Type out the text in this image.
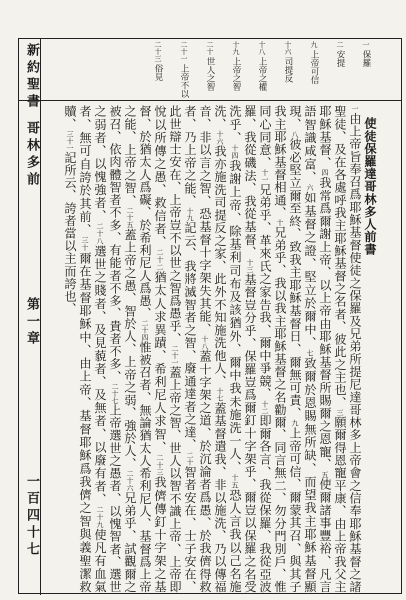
新約聖書
哥林多前
第一章
一百四十七
一 保羅
二 安提
九 上帝可信
十六 司提反
十八 上帝之權
十九 上帝之智
二十 世人之智
二十一 上帝不以
二十三 俗見

使徒保羅達哥林多人前書

一由上帝旨奉召爲耶穌基督使徒之保羅及兄弟所提尼達哥林多上帝會之信奉耶穌基督之諸聖徒、及在各處呼我主耶穌基督之名者、彼此之主也、三願爾得恩寵平康、由上帝我父主耶穌基督、四我常爲爾謝上帝、以上帝由耶穌基督所賜爾之恩寵、五使爾諸事豐裕、凡言語智識咸富、六如基督之證、堅立於爾中、七致爾於恩賜無所缺、而望我主耶穌基督顯現、八彼必堅立爾至終、致我主耶穌基督日、爾無可責、九上帝可信、爾蒙其召、與其子我主耶穌基督相通、十兄弟乎、我以我主耶穌基督之名勸爾、同言無二、勿分門別戶、惟同心同意、十一兄弟乎、革來氏之家告我、爾中爭競、十二即爾各言、我從保羅、我從亞波羅、我從磯法、我從基督、十三基督豈分乎、保羅豈爲爾釘十字架乎、爾豈以保羅之名受洗乎、十四我謝上帝、除基利司布及該猶外、爾中我未施洗一人、十五恐人言我以己名施洗、十六我亦施洗司提反之家、此外不知施洗他人、十七蓋基督遣我、非以施洗、乃以傳福音、非以言之智、恐基督十字架失其能、十八蓋十字架之道、於沉淪者爲愚、於我儕得救者、乃上帝之能、十九記云、我將滅智者之智、廢通達者之達、二十智者安在、士子安在、此世辯士安在、上帝豈不以世之智爲愚乎、二十一蓋上帝之智、世人以智不識上帝、上帝即悅以所傳之愚、救信者、二十二猶太人求異蹟、希利尼人求智、二十三我儕傳釘十字架之基督、於猶太人爲礙、於希利尼人爲愚、二十四惟被召者、無論猶太人希利尼人、基督爲上帝之能、上帝之智、二十五蓋上帝之愚、智於人、上帝之弱、強於人、二十六兄弟乎、試觀爾之被召、依肉體智者不多、有能者不多、貴者不多、二十七上帝選世之愚者、以愧智者、選世之弱者、以愧強者、二十八選世之賤者、及見藐者、及無者、以廢有者、二十九使凡有血氣者、無可自誇於其前、三十爾在基督耶穌中、由上帝、基督耶穌爲我儕之智與義聖潔救贖、三十一記所云、誇者當以主而誇也、
